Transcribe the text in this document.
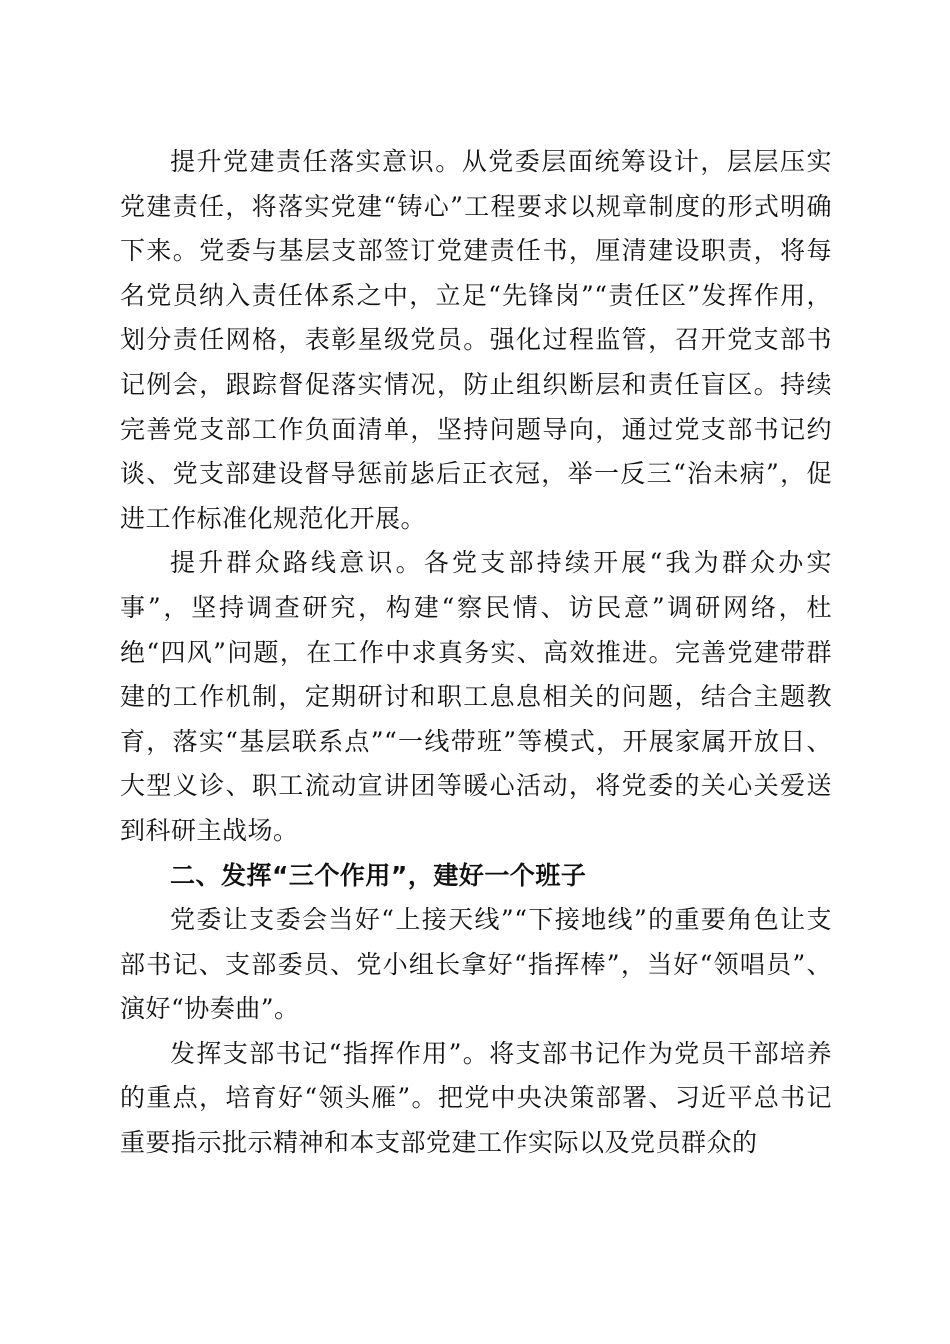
提升党建责任落实意识。从党委层面统筹设计，层层压实党建责任，将落实党建“铸心”工程要求以规章制度的形式明确下来。党委与基层支部签订党建责任书，厘清建设职责，将每名党员纳入责任体系之中，立足“先锋岗”“责任区”发挥作用，划分责任网格，表彰星级党员。强化过程监管，召开党支部书记例会，跟踪督促落实情况，防止组织断层和责任盲区。持续完善党支部工作负面清单，坚持问题导向，通过党支部书记约谈、党支部建设督导惩前毖后正衣冠，举一反三“治未病”，促进工作标准化规范化开展。

提升群众路线意识。各党支部持续开展“我为群众办实事”，坚持调查研究，构建“察民情、访民意”调研网络，杜绝“四风”问题，在工作中求真务实、高效推进。完善党建带群建的工作机制，定期研讨和职工息息相关的问题，结合主题教育，落实“基层联系点”“一线带班”等模式，开展家属开放日、大型义诊、职工流动宣讲团等暖心活动，将党委的关心关爱送到科研主战场。

二、发挥“三个作用”，建好一个班子

党委让支委会当好“上接天线”“下接地线”的重要角色让支部书记、支部委员、党小组长拿好“指挥棒”，当好“领唱员”、演好“协奏曲”。

发挥支部书记“指挥作用”。将支部书记作为党员干部培养的重点，培育好“领头雁”。把党中央决策部署、习近平总书记重要指示批示精神和本支部党建工作实际以及党员群众的
